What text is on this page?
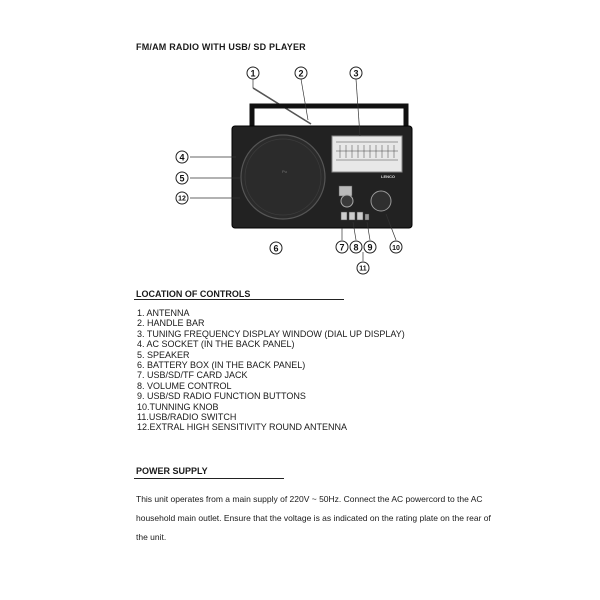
FM/AM RADIO WITH USB/ SD PLAYER
Pu
LENCO
1	2	3
4
5
12
6	7 8 9	10
11
LOCATION OF CONTROLS
1. ANTENNA
2. HANDLE BAR
3. TUNING FREQUENCY DISPLAY WINDOW (DIAL UP DISPLAY)
4. AC SOCKET (IN THE BACK PANEL)
5. SPEAKER
6. BATTERY BOX (IN THE BACK PANEL)
7. USB/SD/TF CARD JACK
8. VOLUME CONTROL
9. USB/SD RADIO FUNCTION BUTTONS
10.TUNNING KNOB
11.USB/RADIO SWITCH
12.EXTRAL HIGH SENSITIVITY ROUND ANTENNA
POWER SUPPLY
This unit operates from a main supply of 220V ~ 50Hz. Connect the AC powercord to the AC
household main outlet. Ensure that the voltage is as indicated on the rating plate on the rear of
the unit.
